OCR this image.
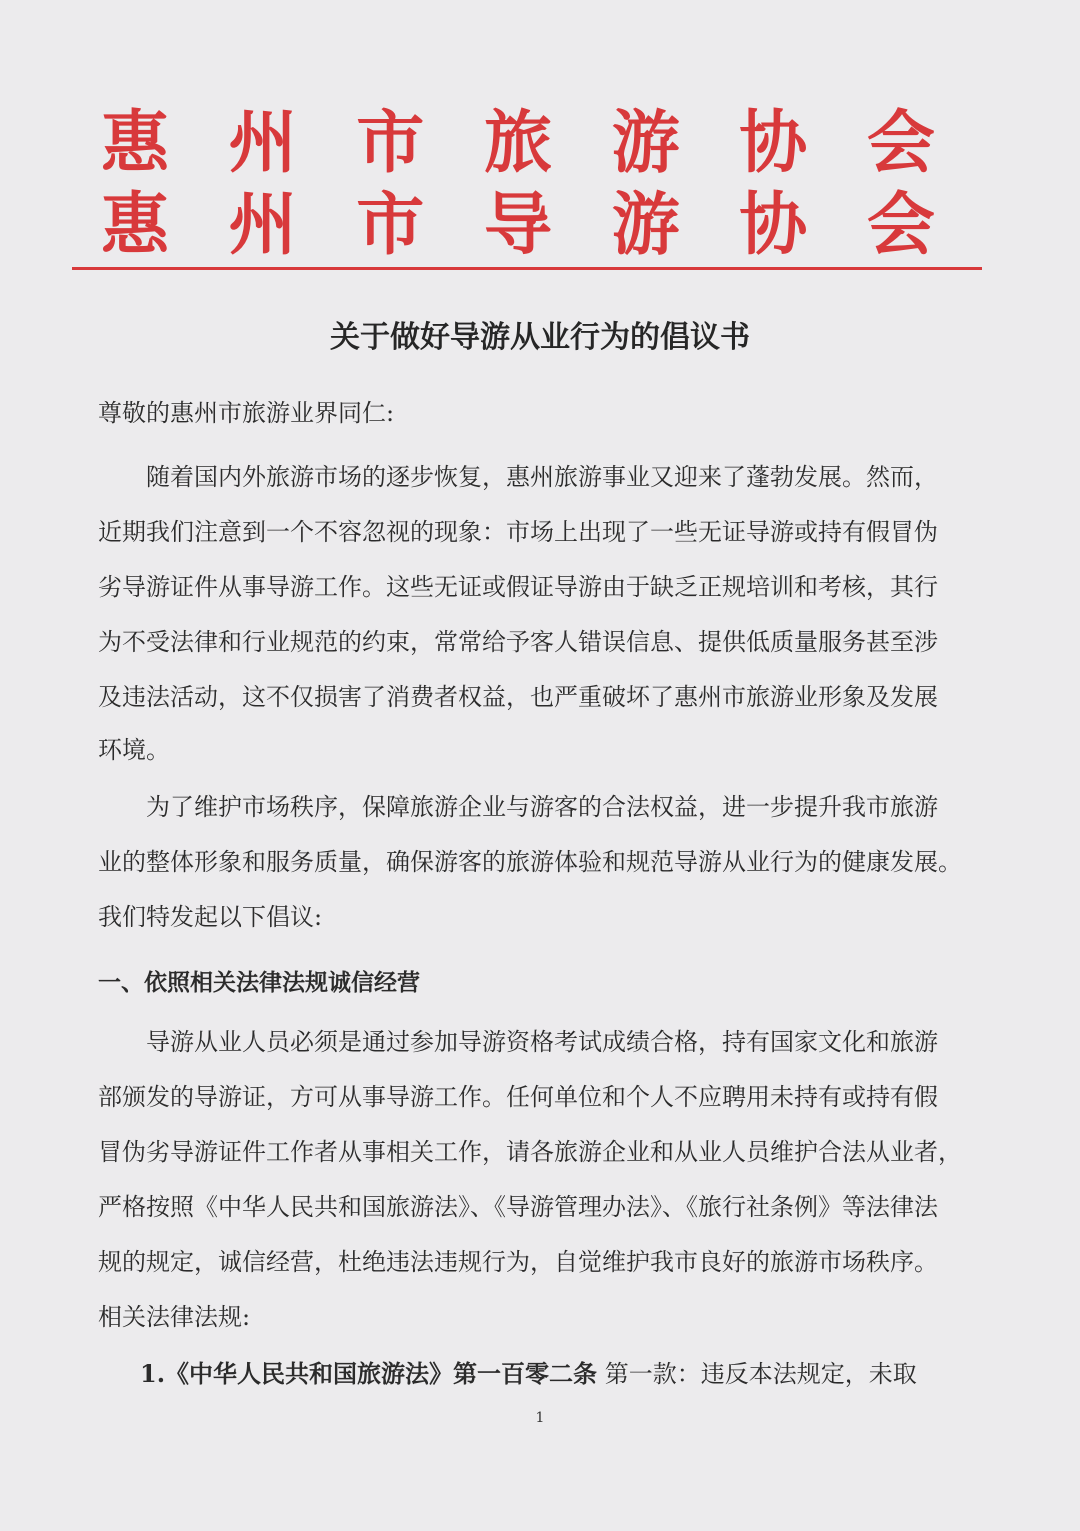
惠 州 市 旅 游 协 会
惠 州 市 导 游 协 会
关于做好导游从业行为的倡议书
尊敬的惠州市旅游业界同仁:
随着国内外旅游市场的逐步恢复，惠州旅游事业又迎来了蓬勃发展。然而，
近期我们注意到一个不容忽视的现象：市场上出现了一些无证导游或持有假冒伪
劣导游证件从事导游工作。这些无证或假证导游由于缺乏正规培训和考核，其行
为不受法律和行业规范的约束，常常给予客人错误信息、提供低质量服务甚至涉
及违法活动，这不仅损害了消费者权益，也严重破坏了惠州市旅游业形象及发展
环境。
为了维护市场秩序，保障旅游企业与游客的合法权益，进一步提升我市旅游
业的整体形象和服务质量，确保游客的旅游体验和规范导游从业行为的健康发展。
我们特发起以下倡议:
一、依照相关法律法规诚信经营
导游从业人员必须是通过参加导游资格考试成绩合格，持有国家文化和旅游
部颁发的导游证，方可从事导游工作。任何单位和个人不应聘用未持有或持有假
冒伪劣导游证件工作者从事相关工作，请各旅游企业和从业人员维护合法从业者，
严格按照《中华人民共和国旅游法》、《导游管理办法》、《旅行社条例》等法律法
规的规定，诚信经营，杜绝违法违规行为，自觉维护我市良好的旅游市场秩序。
相关法律法规:
1.《中华人民共和国旅游法》第一百零二条 第一款：违反本法规定，未取
1
